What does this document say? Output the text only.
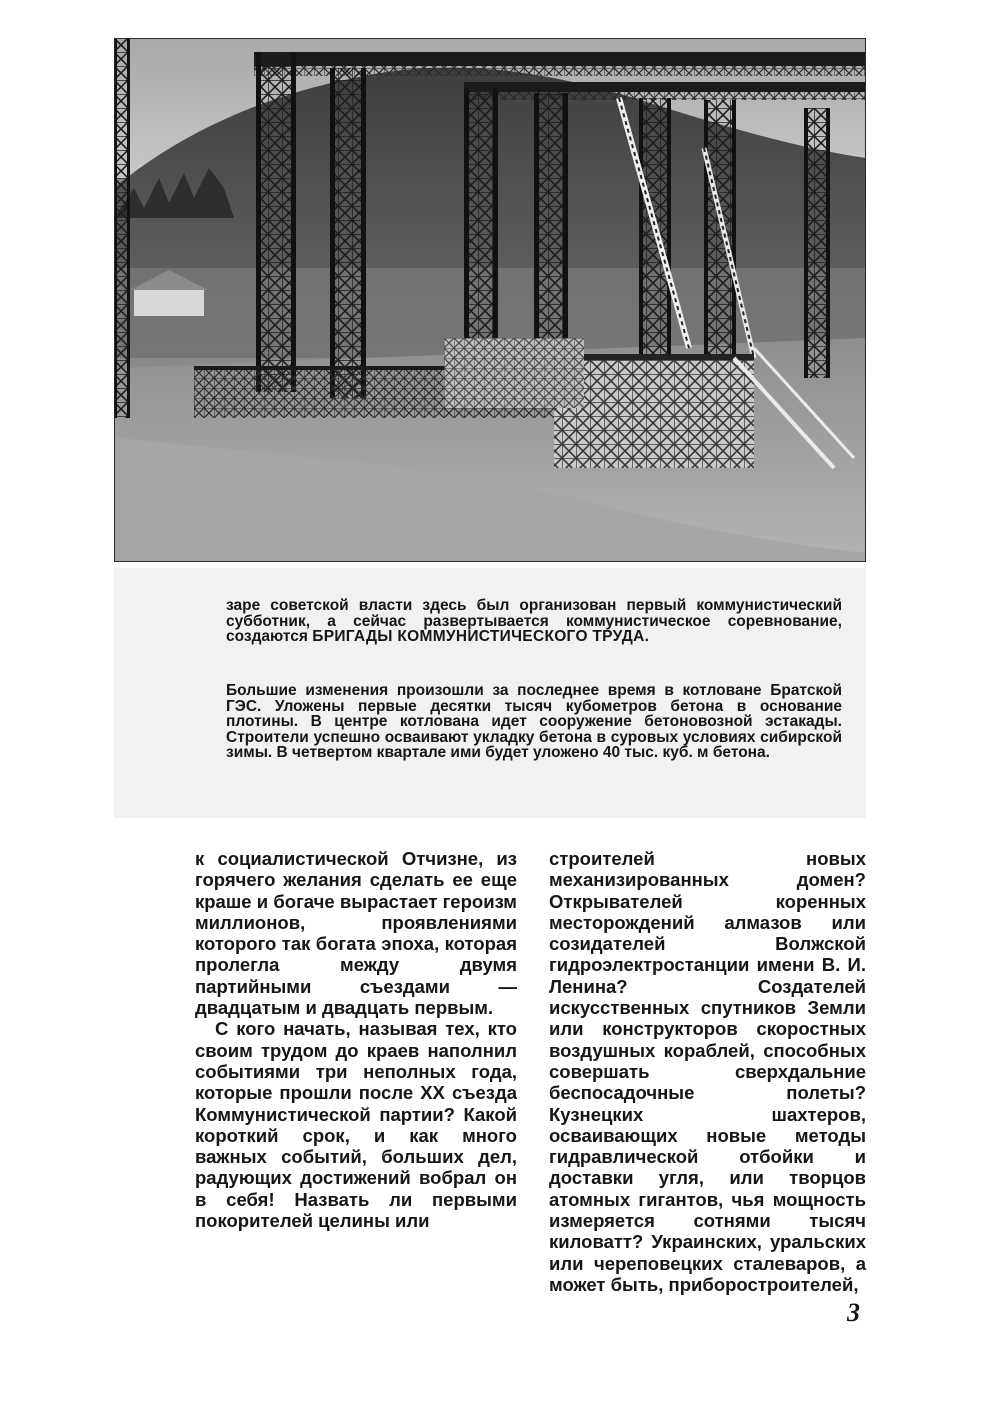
заре советской власти здесь был организован первый коммунистический субботник, а сейчас развертывается коммунистическое соревнование, создаются БРИГАДЫ КОММУНИСТИЧЕСКОГО ТРУДА.

Большие изменения произошли за последнее время в котловане Братской ГЭС. Уложены первые десятки тысяч кубометров бетона в основание плотины. В центре котлована идет сооружение бетоновозной эстакады. Строители успешно осваивают укладку бетона в суровых условиях сибирской зимы. В четвертом квартале ими будет уложено 40 тыс. куб. м бетона.

к социалистической Отчизне, из горячего желания сделать ее еще краше и богаче вырастает героизм миллионов, проявлениями которого так богата эпоха, которая пролегла между двумя партийными съездами — двадцатым и двадцать первым.

С кого начать, называя тех, кто своим трудом до краев наполнил событиями три неполных года, которые прошли после XX съезда Коммунистической партии? Какой короткий срок, и как много важных событий, больших дел, радующих достижений вобрал он в себя! Назвать ли первыми покорителей целины или

строителей новых механизированных домен? Открывателей коренных месторождений алмазов или созидателей Волжской гидроэлектростанции имени В. И. Ленина? Создателей искусственных спутников Земли или конструкторов скоростных воздушных кораблей, способных совершать сверхдальние беспосадочные полеты? Кузнецких шахтеров, осваивающих новые методы гидравлической отбойки и доставки угля, или творцов атомных гигантов, чья мощность измеряется сотнями тысяч киловатт? Украинских, уральских или череповецких сталеваров, а может быть, приборостроителей,

3
